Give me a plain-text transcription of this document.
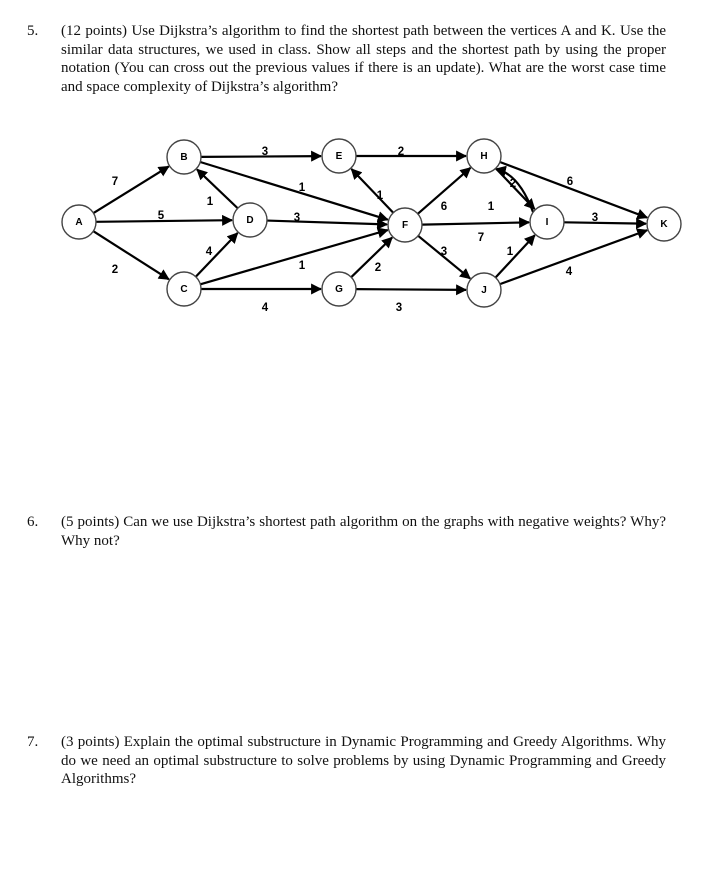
5. (12 points) Use Dijkstra’s algorithm to find the shortest path between the vertices A and K. Use the similar data structures, we used in class. Show all steps and the shortest path by using the proper notation (You can cross out the previous values if there is an update). What are the worst case time and space complexity of Dijkstra’s algorithm?
7
5
2
3
1
1
4
4
1
3
1
2
2
3
6
3
7
2
1
6
3
1
4
A
B
C
D
E
F
G
H
I
J
K
6. (5 points) Can we use Dijkstra’s shortest path algorithm on the graphs with negative weights? Why? Why not?
7. (3 points) Explain the optimal substructure in Dynamic Programming and Greedy Algorithms. Why do we need an optimal substructure to solve problems by using Dynamic Programming and Greedy Algorithms?
